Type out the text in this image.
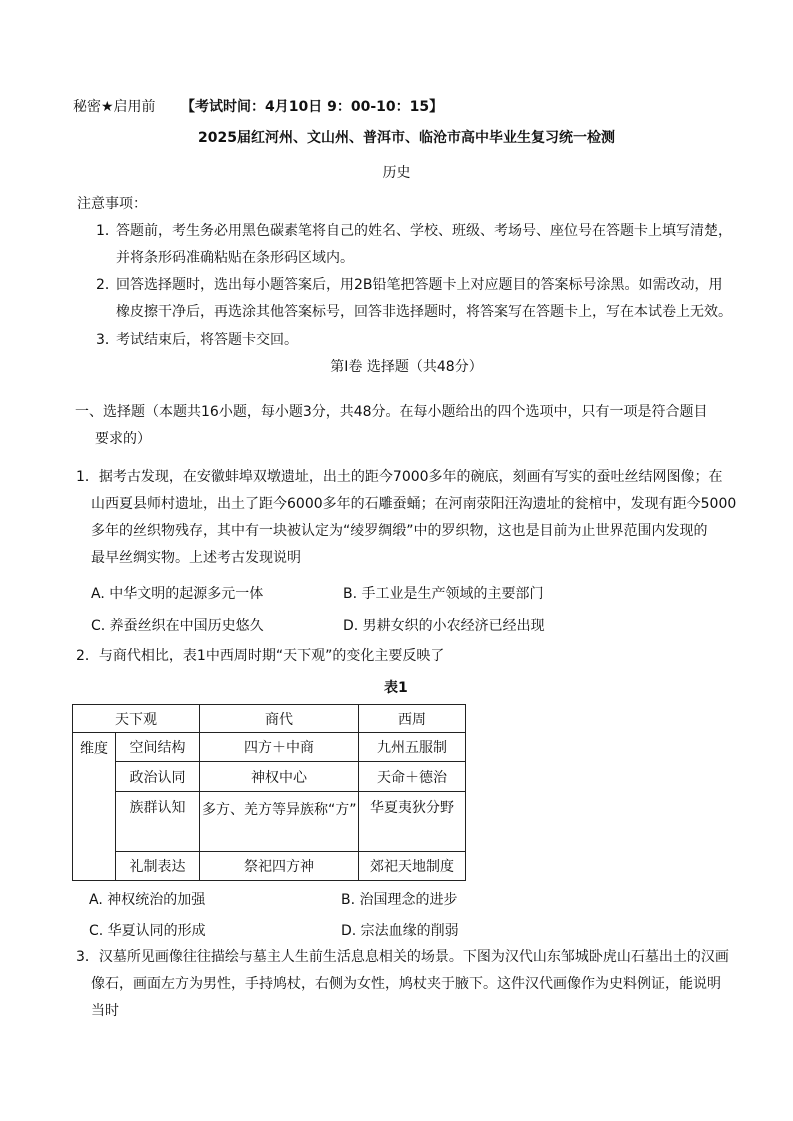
秘密★启用前 【考试时间：4月10日 9：00-10：15】
2025届红河州、文山州、普洱市、临沧市高中毕业生复习统一检测
历史
注意事项：
1．
答题前，考生务必用黑色碳素笔将自己的姓名、学校、班级、考场号、座位号在答题卡上填写清楚，
并将条形码准确粘贴在条形码区域内。
2．
回答选择题时，选出每小题答案后，用2B铅笔把答题卡上对应题目的答案标号涂黑。如需改动，用
橡皮擦干净后，再选涂其他答案标号，回答非选择题时，将答案写在答题卡上，写在本试卷上无效。
3．
考试结束后，将答题卡交回。
第Ⅰ卷 选择题（共48分）
一、选择题（本题共16小题，每小题3分，共48分。在每小题给出的四个选项中，只有一项是符合题目
要求的）
1．据考古发现，在安徽蚌埠双墩遗址，出土的距今7000多年的碗底，刻画有写实的蚕吐丝结网图像；在
山西夏县师村遗址，出土了距今6000多年的石雕蚕蛹；在河南荥阳汪沟遗址的瓮棺中，发现有距今5000
多年的丝织物残存，其中有一块被认定为“绫罗绸缎”中的罗织物，这也是目前为止世界范围内发现的
最早丝绸实物。上述考古发现说明
A. 中华文明的起源多元一体	B. 手工业是生产领域的主要部门
C. 养蚕丝织在中国历史悠久	D. 男耕女织的小农经济已经出现
2．与商代相比，表1中西周时期“天下观”的变化主要反映了
表1
天下观		商代	西周
维度	空间结构	四方＋中商	九州五服制
	政治认同	神权中心	天命＋德治
	族群认知	多方、羌方等异族称“方”	华夏夷狄分野
	礼制表达	祭祀四方神	郊祀天地制度
A. 神权统治的加强	B. 治国理念的进步
C. 华夏认同的形成	D. 宗法血缘的削弱
3．汉墓所见画像往往描绘与墓主人生前生活息息相关的场景。下图为汉代山东邹城卧虎山石墓出土的汉画
像石，画面左方为男性，手持鸠杖，右侧为女性，鸠杖夹于腋下。这件汉代画像作为史料例证，能说明
当时
